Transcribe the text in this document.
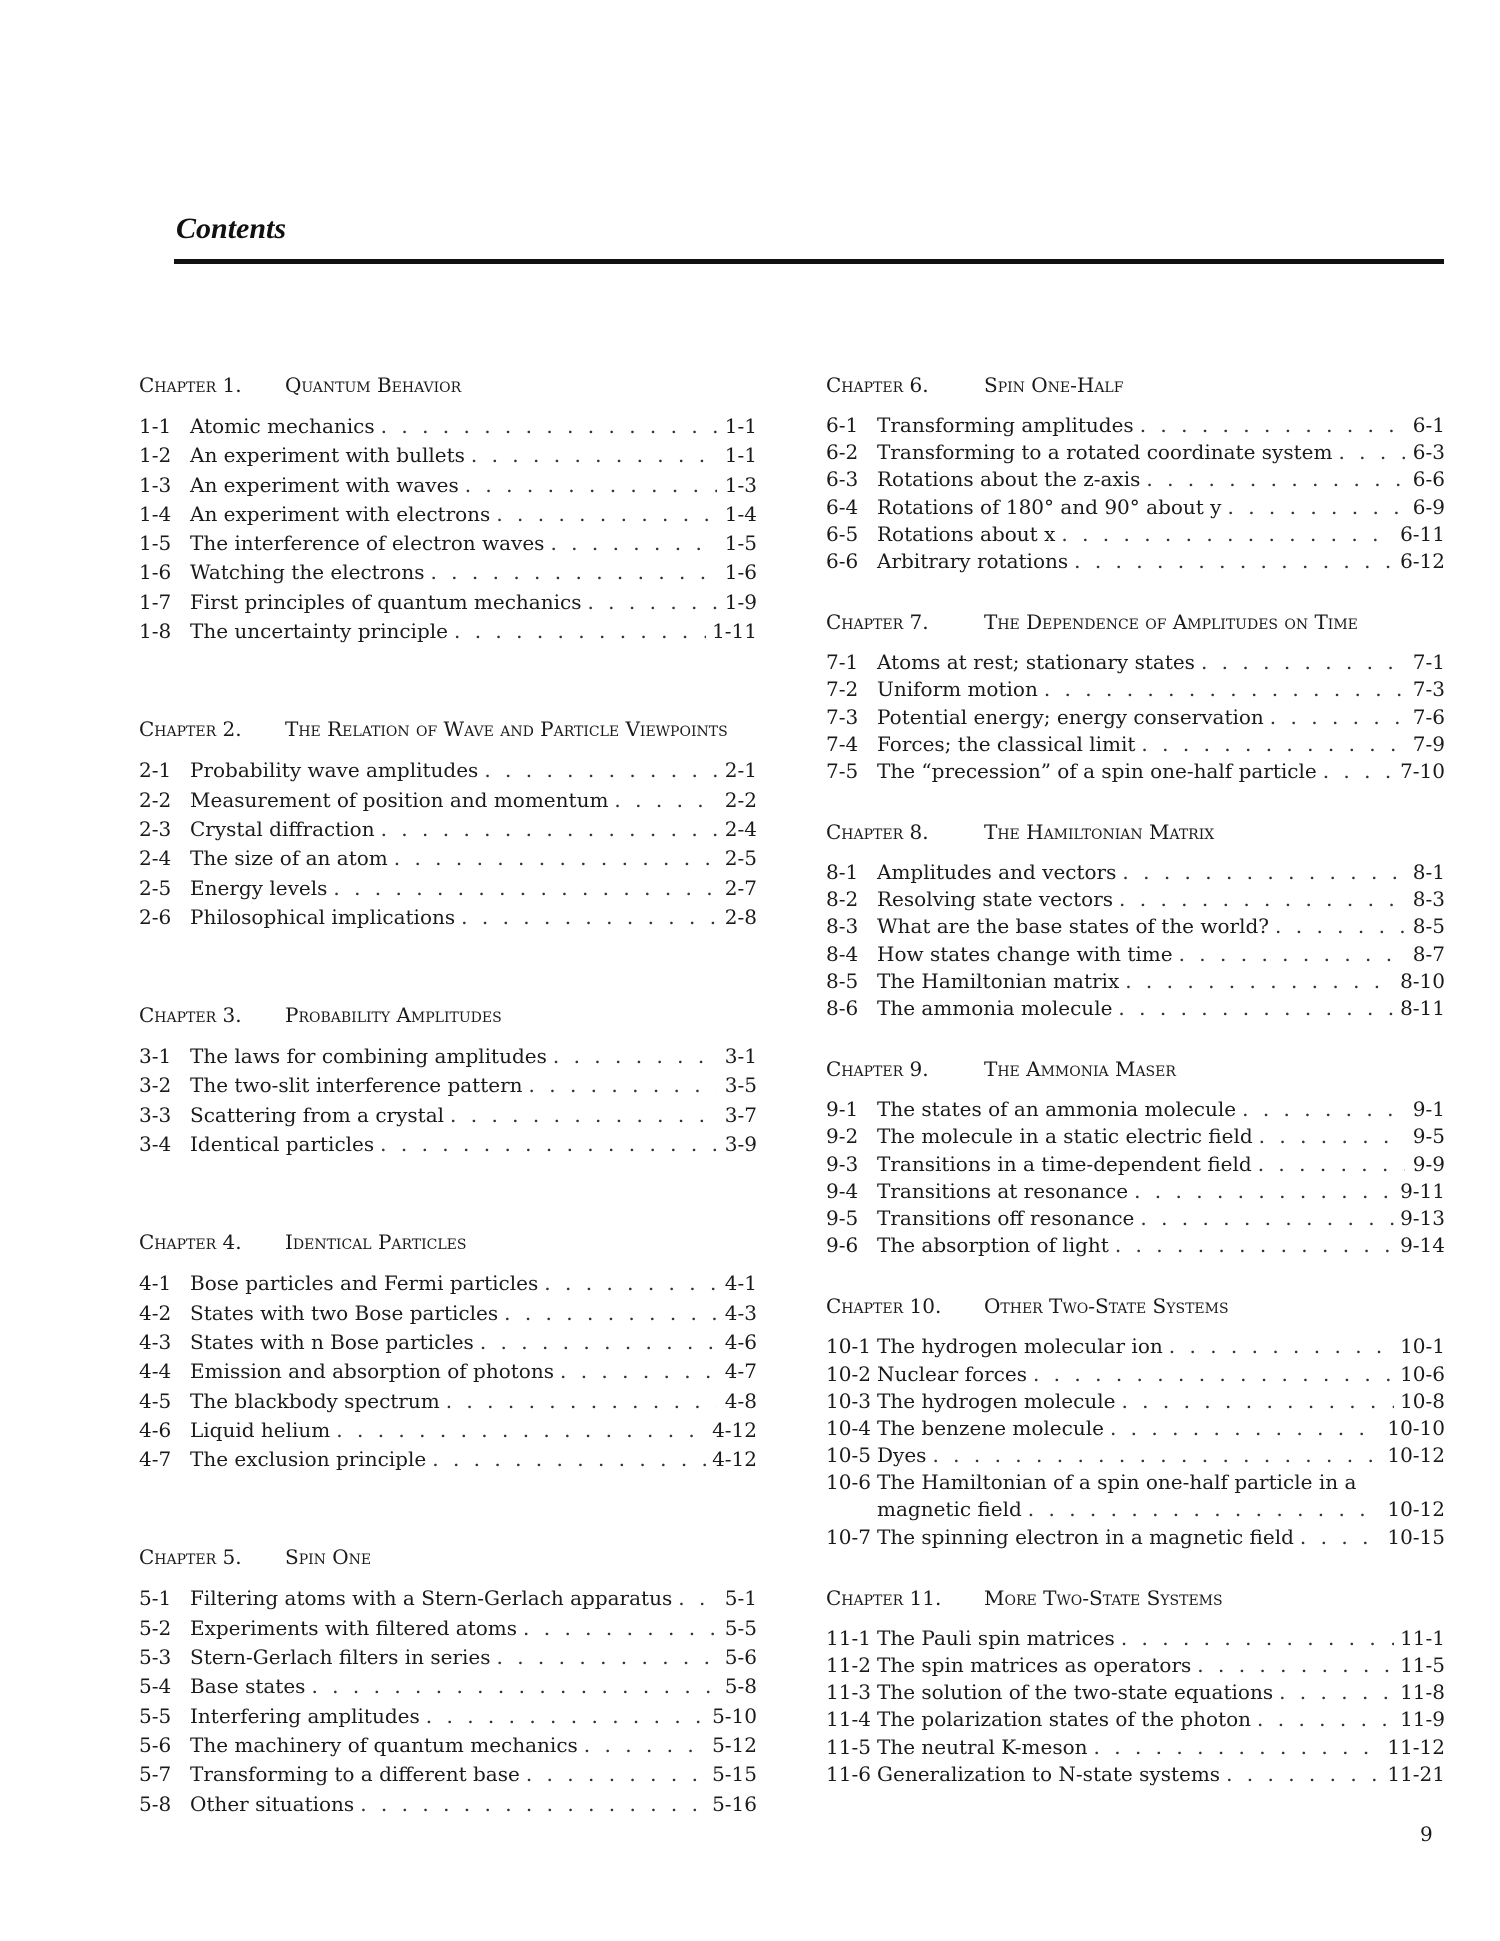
Contents
Chapter 1.	Quantum Behavior
1-1 Atomic mechanics . . .	1-1
1-2 An experiment with bullets . . .	1-1
1-3 An experiment with waves . . .	1-3
1-4 An experiment with electrons . . .	1-4
1-5 The interference of electron waves . . .	1-5
1-6 Watching the electrons . . .	1-6
1-7 First principles of quantum mechanics . . .	1-9
1-8 The uncertainty principle . . .	1-11
Chapter 2.	The Relation of Wave and Particle Viewpoints
2-1 Probability wave amplitudes . . .	2-1
2-2 Measurement of position and momentum . . .	2-2
2-3 Crystal diffraction . . .	2-4
2-4 The size of an atom . . .	2-5
2-5 Energy levels . . .	2-7
2-6 Philosophical implications . . .	2-8
Chapter 3.	Probability Amplitudes
3-1 The laws for combining amplitudes . . .	3-1
3-2 The two-slit interference pattern . . .	3-5
3-3 Scattering from a crystal . . .	3-7
3-4 Identical particles . . .	3-9
Chapter 4.	Identical Particles
4-1 Bose particles and Fermi particles . . .	4-1
4-2 States with two Bose particles . . .	4-3
4-3 States with n Bose particles . . .	4-6
4-4 Emission and absorption of photons . . .	4-7
4-5 The blackbody spectrum . . .	4-8
4-6 Liquid helium . . .	4-12
4-7 The exclusion principle . . .	4-12
Chapter 5.	Spin One
5-1 Filtering atoms with a Stern-Gerlach apparatus . . .	5-1
5-2 Experiments with filtered atoms . . .	5-5
5-3 Stern-Gerlach filters in series . . .	5-6
5-4 Base states . . .	5-8
5-5 Interfering amplitudes . . .	5-10
5-6 The machinery of quantum mechanics . . .	5-12
5-7 Transforming to a different base . . .	5-15
5-8 Other situations . . .	5-16
Chapter 6.	Spin One-Half
6-1 Transforming amplitudes . . .	6-1
6-2 Transforming to a rotated coordinate system . . .	6-3
6-3 Rotations about the z-axis . . .	6-6
6-4 Rotations of 180° and 90° about y . . .	6-9
6-5 Rotations about x . . .	6-11
6-6 Arbitrary rotations . . .	6-12
Chapter 7.	The Dependence of Amplitudes on Time
7-1 Atoms at rest; stationary states . . .	7-1
7-2 Uniform motion . . .	7-3
7-3 Potential energy; energy conservation . . .	7-6
7-4 Forces; the classical limit . . .	7-9
7-5 The “precession” of a spin one-half particle . . .	7-10
Chapter 8.	The Hamiltonian Matrix
8-1 Amplitudes and vectors . . .	8-1
8-2 Resolving state vectors . . .	8-3
8-3 What are the base states of the world? . . .	8-5
8-4 How states change with time . . .	8-7
8-5 The Hamiltonian matrix . . .	8-10
8-6 The ammonia molecule . . .	8-11
Chapter 9.	The Ammonia Maser
9-1 The states of an ammonia molecule . . .	9-1
9-2 The molecule in a static electric field . . .	9-5
9-3 Transitions in a time-dependent field . . .	9-9
9-4 Transitions at resonance . . .	9-11
9-5 Transitions off resonance . . .	9-13
9-6 The absorption of light . . .	9-14
Chapter 10.	Other Two-State Systems
10-1 The hydrogen molecular ion . . .	10-1
10-2 Nuclear forces . . .	10-6
10-3 The hydrogen molecule . . .	10-8
10-4 The benzene molecule . . .	10-10
10-5 Dyes . . .	10-12
10-6 The Hamiltonian of a spin one-half particle in a
magnetic field . . .	10-12
10-7 The spinning electron in a magnetic field . . .	10-15
Chapter 11.	More Two-State Systems
11-1 The Pauli spin matrices . . .	11-1
11-2 The spin matrices as operators . . .	11-5
11-3 The solution of the two-state equations . . .	11-8
11-4 The polarization states of the photon . . .	11-9
11-5 The neutral K-meson . . .	11-12
11-6 Generalization to N-state systems . . .	11-21
9
